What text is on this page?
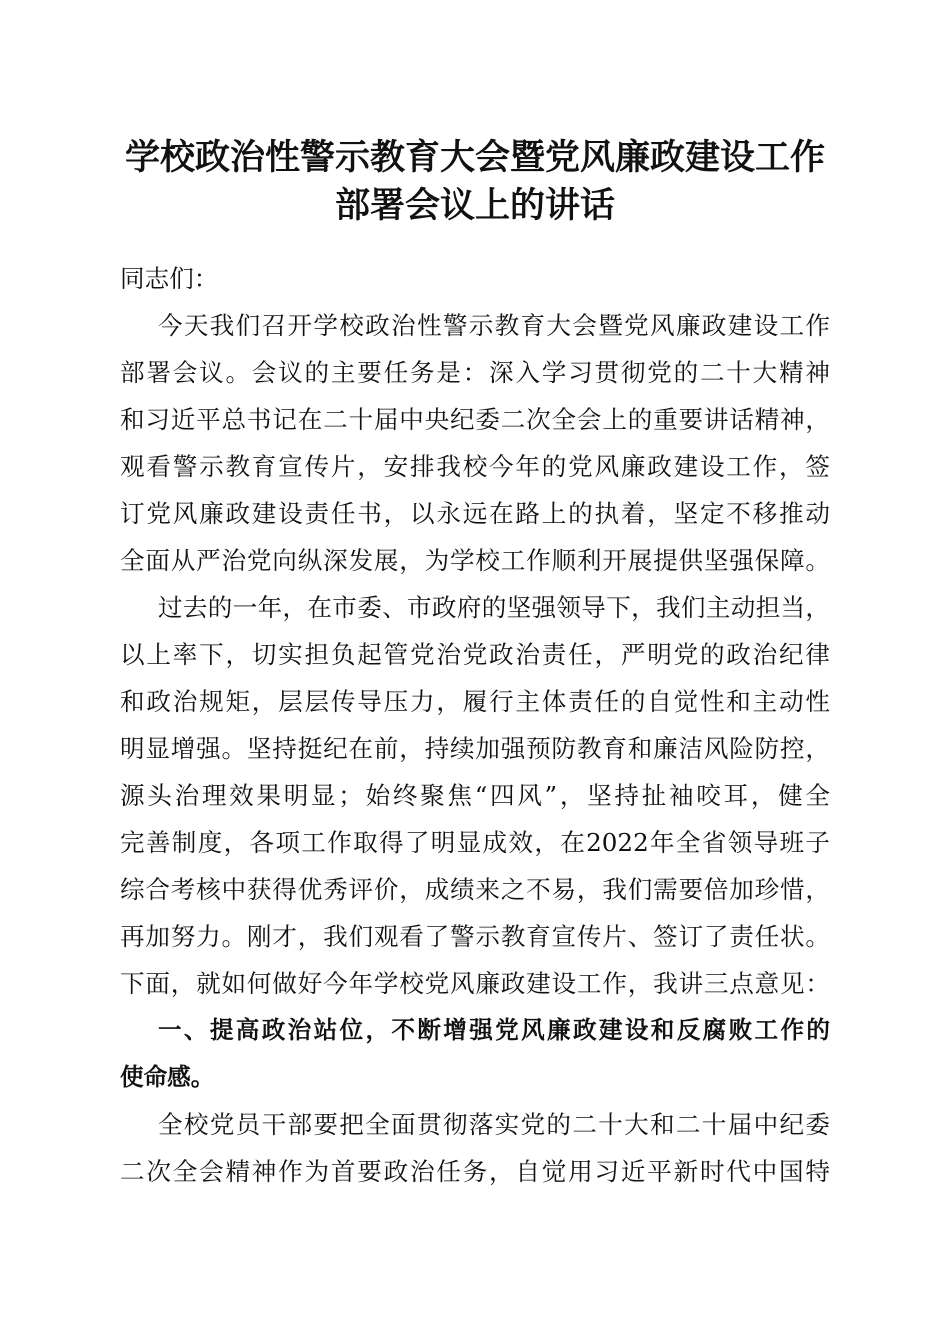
学校政治性警示教育大会暨党风廉政建设工作
部署会议上的讲话
同志们：
今天我们召开学校政治性警示教育大会暨党风廉政建设工作
部署会议。会议的主要任务是：深入学习贯彻党的二十大精神
和习近平总书记在二十届中央纪委二次全会上的重要讲话精神，
观看警示教育宣传片，安排我校今年的党风廉政建设工作，签
订党风廉政建设责任书，以永远在路上的执着，坚定不移推动
全面从严治党向纵深发展，为学校工作顺利开展提供坚强保障。
过去的一年，在市委、市政府的坚强领导下，我们主动担当，
以上率下，切实担负起管党治党政治责任，严明党的政治纪律
和政治规矩，层层传导压力，履行主体责任的自觉性和主动性
明显增强。坚持挺纪在前，持续加强预防教育和廉洁风险防控，
源头治理效果明显；始终聚焦“四风”，坚持扯袖咬耳，健全
完善制度，各项工作取得了明显成效，在2022年全省领导班子
综合考核中获得优秀评价，成绩来之不易，我们需要倍加珍惜，
再加努力。刚才，我们观看了警示教育宣传片、签订了责任状。
下面，就如何做好今年学校党风廉政建设工作，我讲三点意见：
一、提高政治站位，不断增强党风廉政建设和反腐败工作的
使命感。
全校党员干部要把全面贯彻落实党的二十大和二十届中纪委
二次全会精神作为首要政治任务，自觉用习近平新时代中国特
